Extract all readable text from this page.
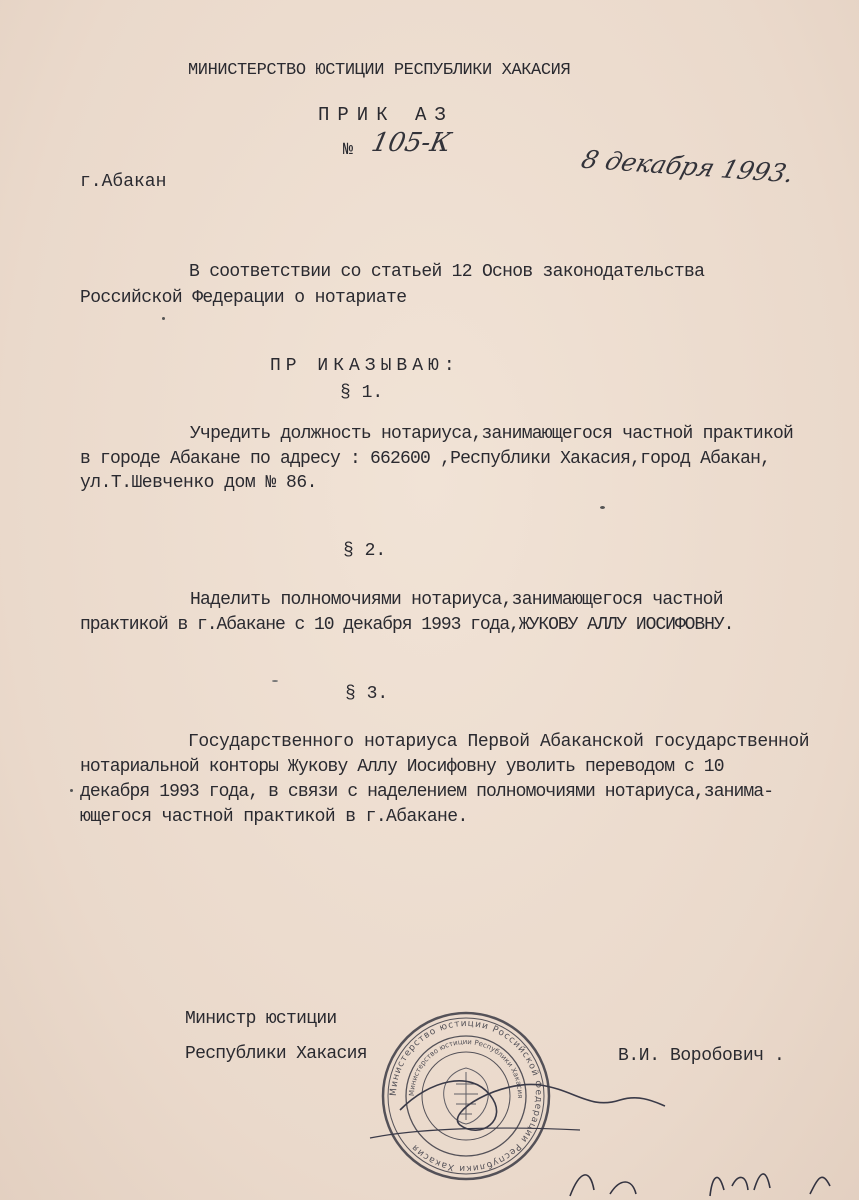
МИНИСТЕРСТВО ЮСТИЦИИ РЕСПУБЛИКИ ХАКАСИЯ
ПРИК АЗ
№ 105-К
г.Абакан	8 декабря 1993.
В соответствии со статьей 12 Основ законодательства
Российской Федерации о нотариате
ПР ИКАЗЫВАЮ:
§ 1.
Учредить должность нотариуса,занимающегося частной практикой
в городе Абакане по адресу : 662600 ,Республики Хакасия,город Абакан,
ул.Т.Шевченко дом № 86.
§ 2.
Наделить полномочиями нотариуса,занимающегося частной
практикой в г.Абакане с 10 декабря 1993 года,ЖУКОВУ АЛЛУ ИОСИФОВНУ.
§ 3.
Государственного нотариуса Первой Абаканской государственной
нотариальной конторы Жукову Аллу Иосифовну уволить переводом с 10
декабря 1993 года, в связи с наделением полномочиями нотариуса,занима-
ющегося частной практикой в г.Абакане.
Министр юстиции
Республики Хакасия	В.И. Воробович .
Министерство юстиции Российской Федерации Республики Хакасия
Министерство юстиции Республики Хакасия
